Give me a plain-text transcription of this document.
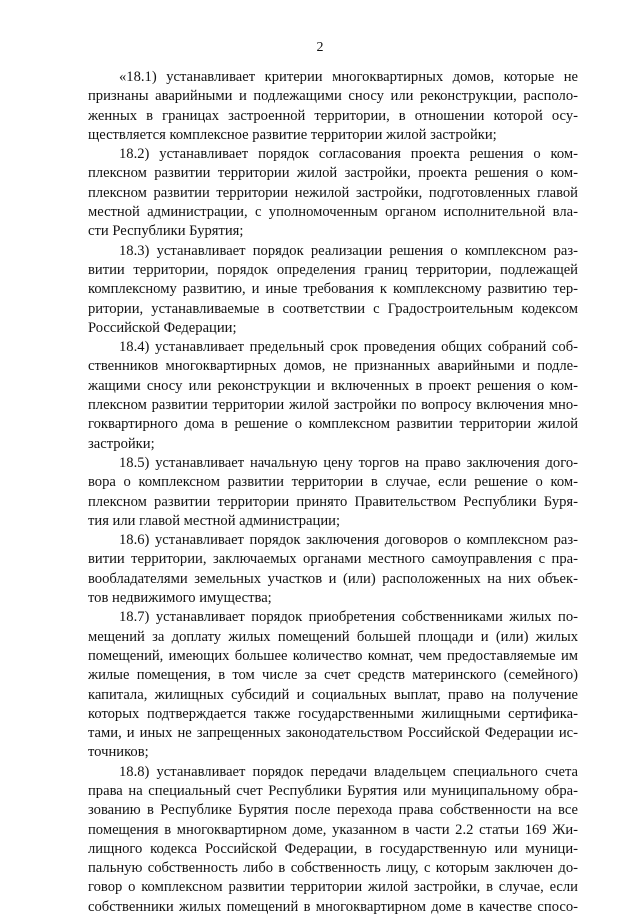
2
«18.1) устанавливает критерии многоквартирных домов, которые не
признаны аварийными и подлежащими сносу или реконструкции, располо-
женных в границах застроенной территории, в отношении которой осу-
ществляется комплексное развитие территории жилой застройки;
18.2) устанавливает порядок согласования проекта решения о ком-
плексном развитии территории жилой застройки, проекта решения о ком-
плексном развитии территории нежилой застройки, подготовленных главой
местной администрации, с уполномоченным органом исполнительной вла-
сти Республики Бурятия;
18.3) устанавливает порядок реализации решения о комплексном раз-
витии территории, порядок определения границ территории, подлежащей
комплексному развитию, и иные требования к комплексному развитию тер-
ритории, устанавливаемые в соответствии с Градостроительным кодексом
Российской Федерации;
18.4) устанавливает предельный срок проведения общих собраний соб-
ственников многоквартирных домов, не признанных аварийными и подле-
жащими сносу или реконструкции и включенных в проект решения о ком-
плексном развитии территории жилой застройки по вопросу включения мно-
гоквартирного дома в решение о комплексном развитии территории жилой
застройки;
18.5) устанавливает начальную цену торгов на право заключения дого-
вора о комплексном развитии территории в случае, если решение о ком-
плексном развитии территории принято Правительством Республики Буря-
тия или главой местной администрации;
18.6) устанавливает порядок заключения договоров о комплексном раз-
витии территории, заключаемых органами местного самоуправления с пра-
вообладателями земельных участков и (или) расположенных на них объек-
тов недвижимого имущества;
18.7) устанавливает порядок приобретения собственниками жилых по-
мещений за доплату жилых помещений большей площади и (или) жилых
помещений, имеющих большее количество комнат, чем предоставляемые им
жилые помещения, в том числе за счет средств материнского (семейного)
капитала, жилищных субсидий и социальных выплат, право на получение
которых подтверждается также государственными жилищными сертифика-
тами, и иных не запрещенных законодательством Российской Федерации ис-
точников;
18.8) устанавливает порядок передачи владельцем специального счета
права на специальный счет Республики Бурятия или муниципальному обра-
зованию в Республике Бурятия после перехода права собственности на все
помещения в многоквартирном доме, указанном в части 2.2 статьи 169 Жи-
лищного кодекса Российской Федерации, в государственную или муници-
пальную собственность либо в собственность лицу, с которым заключен до-
говор о комплексном развитии территории жилой застройки, в случае, если
собственники жилых помещений в многоквартирном доме в качестве спосо-
